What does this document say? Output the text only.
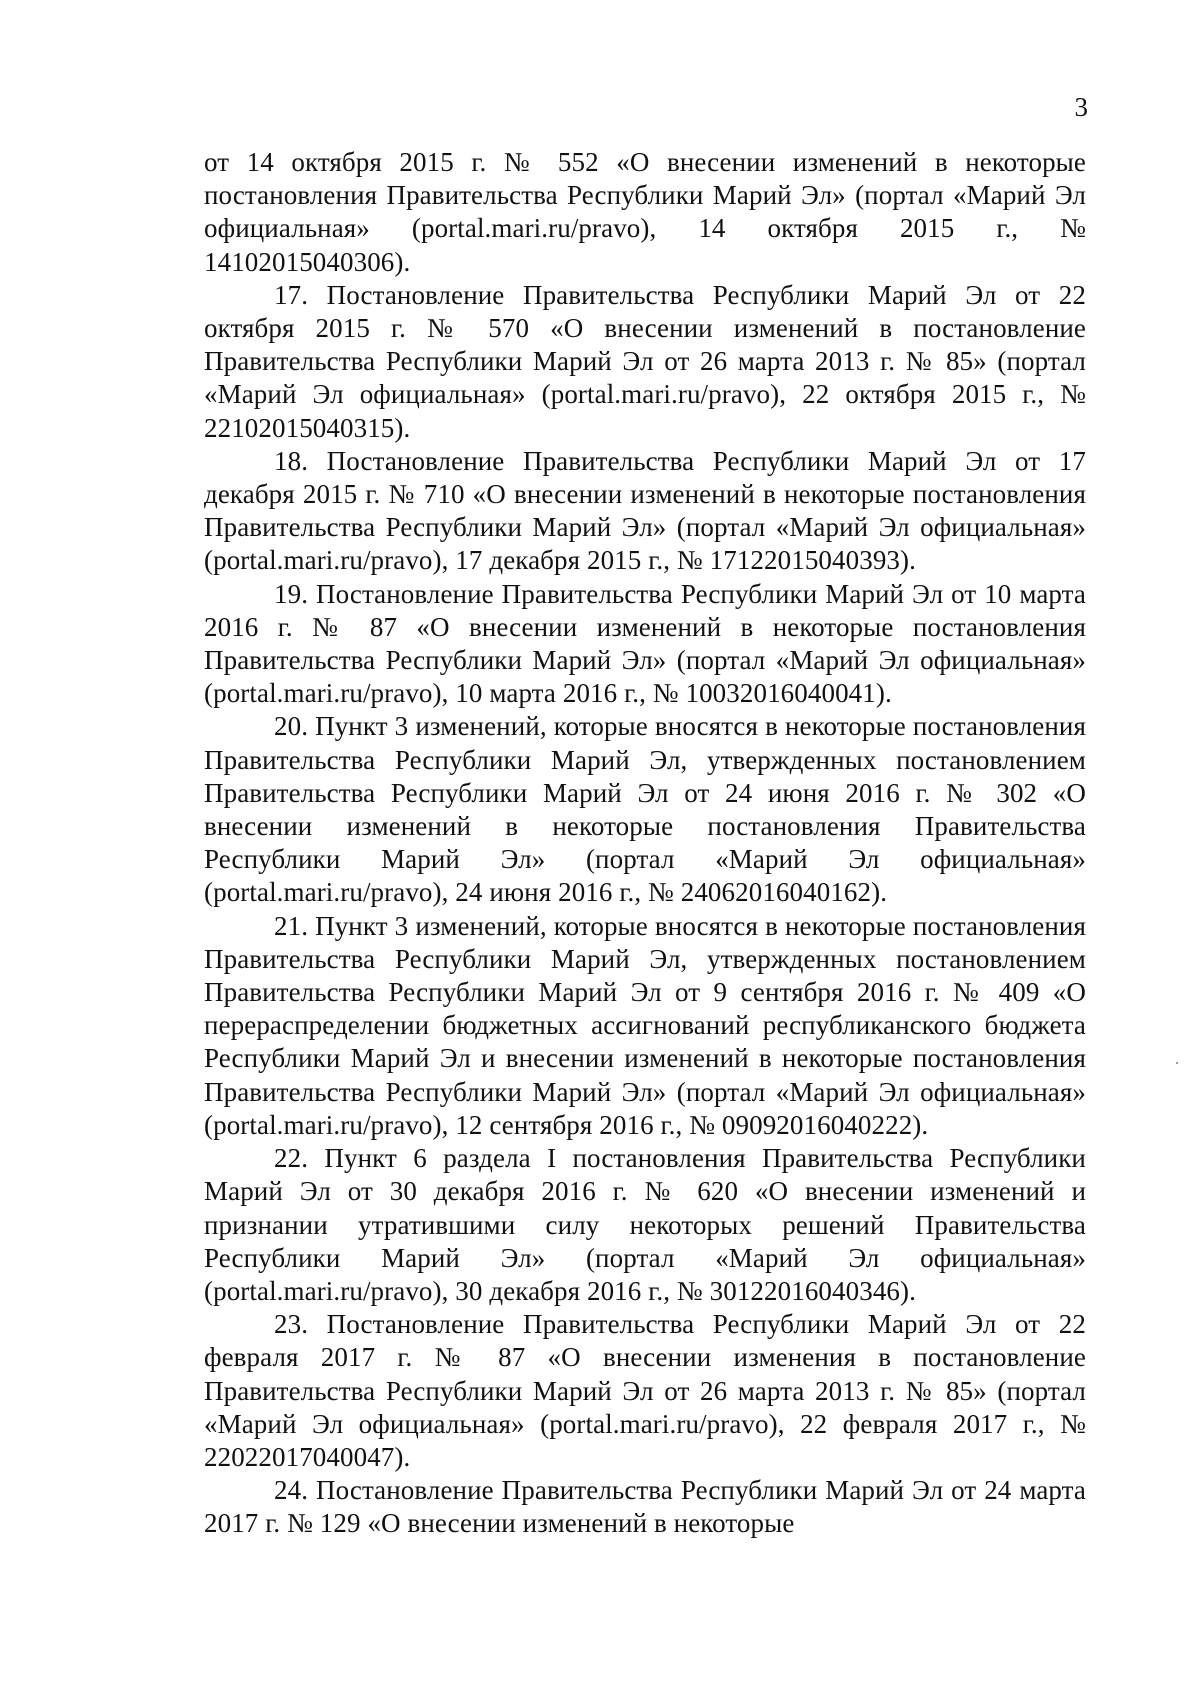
3

от 14 октября 2015 г. № 552 «О внесении изменений в некоторые постановления Правительства Республики Марий Эл» (портал «Марий Эл официальная» (portal.mari.ru/pravo), 14 октября 2015 г., № 14102015040306).

17. Постановление Правительства Республики Марий Эл от 22 октября 2015 г. № 570 «О внесении изменений в постановление Правительства Республики Марий Эл от 26 марта 2013 г. № 85» (портал «Марий Эл официальная» (portal.mari.ru/pravo), 22 октября 2015 г., № 22102015040315).

18. Постановление Правительства Республики Марий Эл от 17 декабря 2015 г. № 710 «О внесении изменений в некоторые постановления Правительства Республики Марий Эл» (портал «Марий Эл официальная» (portal.mari.ru/pravo), 17 декабря 2015 г., № 17122015040393).

19. Постановление Правительства Республики Марий Эл от 10 марта 2016 г. № 87 «О внесении изменений в некоторые постановления Правительства Республики Марий Эл» (портал «Марий Эл официальная» (portal.mari.ru/pravo), 10 марта 2016 г., № 10032016040041).

20. Пункт 3 изменений, которые вносятся в некоторые постановления Правительства Республики Марий Эл, утвержденных постановлением Правительства Республики Марий Эл от 24 июня 2016 г. № 302 «О внесении изменений в некоторые постановления Правительства Республики Марий Эл» (портал «Марий Эл официальная» (portal.mari.ru/pravo), 24 июня 2016 г., № 24062016040162).

21. Пункт 3 изменений, которые вносятся в некоторые постановления Правительства Республики Марий Эл, утвержденных постановлением Правительства Республики Марий Эл от 9 сентября 2016 г. № 409 «О перераспределении бюджетных ассигнований республиканского бюджета Республики Марий Эл и внесении изменений в некоторые постановления Правительства Республики Марий Эл» (портал «Марий Эл официальная» (portal.mari.ru/pravo), 12 сентября 2016 г., № 09092016040222).

22. Пункт 6 раздела I постановления Правительства Республики Марий Эл от 30 декабря 2016 г. № 620 «О внесении изменений и признании утратившими силу некоторых решений Правительства Республики Марий Эл» (портал «Марий Эл официальная» (portal.mari.ru/pravo), 30 декабря 2016 г., № 30122016040346).

23. Постановление Правительства Республики Марий Эл от 22 февраля 2017 г. № 87 «О внесении изменения в постановление Правительства Республики Марий Эл от 26 марта 2013 г. № 85» (портал «Марий Эл официальная» (portal.mari.ru/pravo), 22 февраля 2017 г., № 22022017040047).

24. Постановление Правительства Республики Марий Эл от 24 марта 2017 г. № 129 «О внесении изменений в некоторые
